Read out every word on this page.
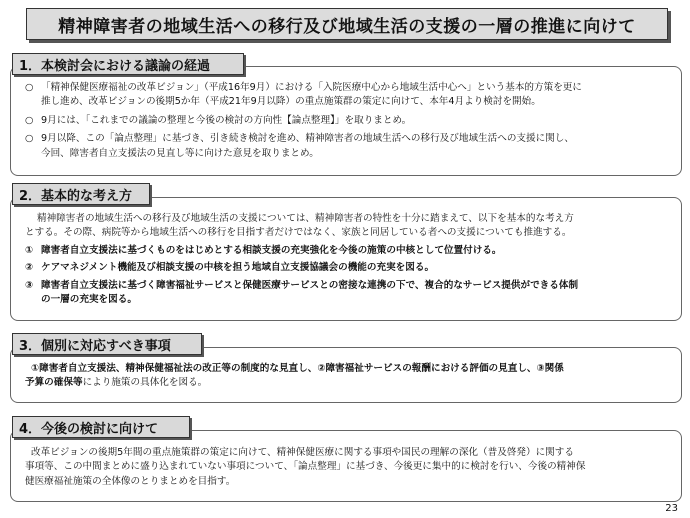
精神障害者の地域生活への移行及び地域生活の支援の一層の推進に向けて
○ 「精神保健医療福祉の改革ビジョン」（平成16年9月）における「入院医療中心から地域生活中心へ」という基本的方策を更に
推し進め、改革ビジョンの後期5か年（平成21年9月以降）の重点施策群の策定に向けて、本年4月より検討を開始。
○ 9月には、「これまでの議論の整理と今後の検討の方向性【論点整理】」を取りまとめ。
○ 9月以降、この「論点整理」に基づき、引き続き検討を進め、精神障害者の地域生活への移行及び地域生活への支援に関し、
今回、障害者自立支援法の見直し等に向けた意見を取りまとめ。
1．本検討会における議論の経過
精神障害者の地域生活への移行及び地域生活の支援については、精神障害者の特性を十分に踏まえて、以下を基本的な考え方
とする。その際、病院等から地域生活への移行を目指す者だけではなく、家族と同居している者への支援についても推進する。
① 障害者自立支援法に基づくものをはじめとする相談支援の充実強化を今後の施策の中核として位置付ける。
② ケアマネジメント機能及び相談支援の中核を担う地域自立支援協議会の機能の充実を図る。
③ 障害者自立支援法に基づく障害福祉サービスと保健医療サービスとの密接な連携の下で、複合的なサービス提供ができる体制
の一層の充実を図る。
2．基本的な考え方
①障害者自立支援法、精神保健福祉法の改正等の制度的な見直し、②障害福祉サービスの報酬における評価の見直し、③関係
予算の確保等により施策の具体化を図る。
3．個別に対応すべき事項
改革ビジョンの後期5年間の重点施策群の策定に向けて、精神保健医療に関する事項や国民の理解の深化（普及啓発）に関する
事項等、この中間まとめに盛り込まれていない事項について、「論点整理」に基づき、今後更に集中的に検討を行い、今後の精神保
健医療福祉施策の全体像のとりまとめを目指す。
4．今後の検討に向けて
23
